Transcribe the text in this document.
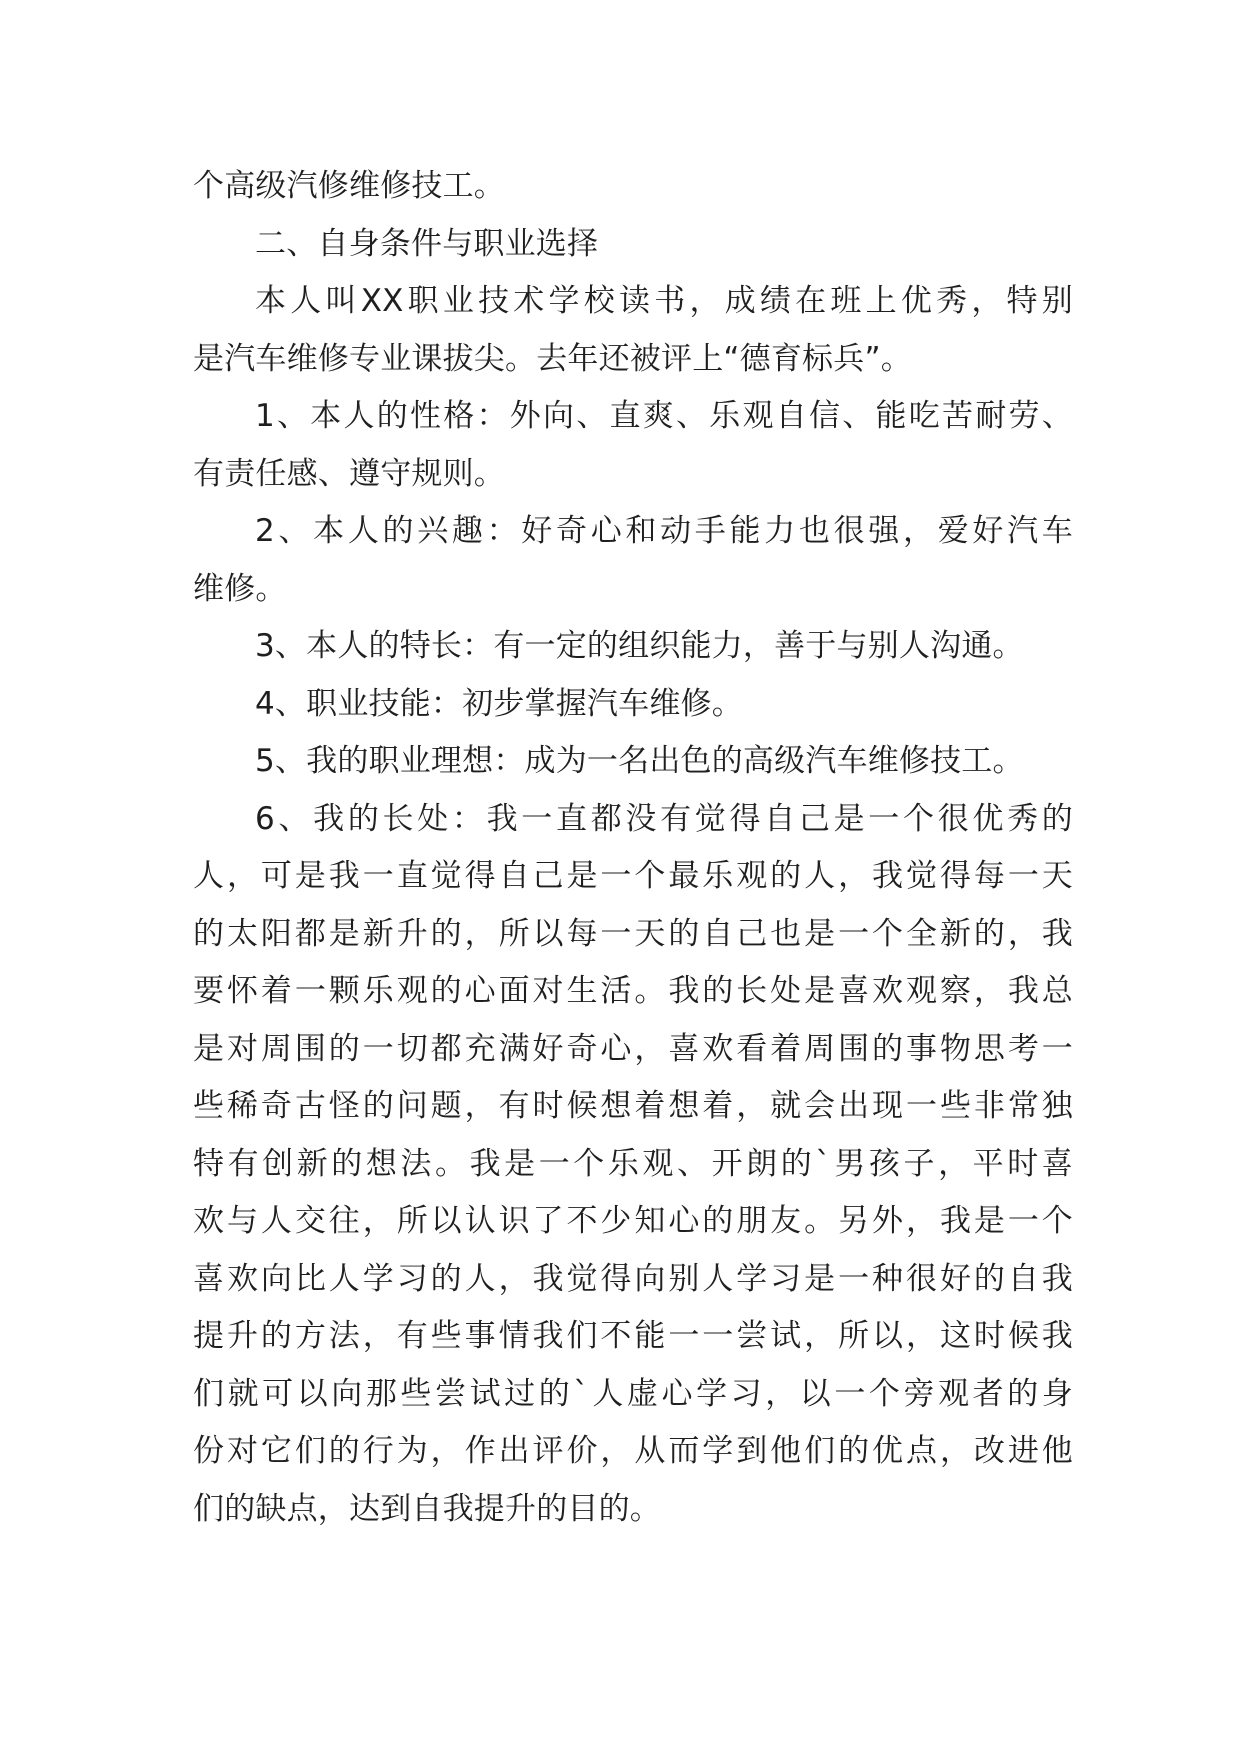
个高级汽修维修技工。

二、自身条件与职业选择

本人叫XX职业技术学校读书，成绩在班上优秀，特别
是汽车维修专业课拔尖。去年还被评上“德育标兵”。

1、本人的性格：外向、直爽、乐观自信、能吃苦耐劳、
有责任感、遵守规则。

2、本人的兴趣：好奇心和动手能力也很强，爱好汽车
维修。

3、本人的特长：有一定的组织能力，善于与别人沟通。

4、职业技能：初步掌握汽车维修。

5、我的职业理想：成为一名出色的高级汽车维修技工。

6、我的长处：我一直都没有觉得自己是一个很优秀的
人，可是我一直觉得自己是一个最乐观的人，我觉得每一天
的太阳都是新升的，所以每一天的自己也是一个全新的，我
要怀着一颗乐观的心面对生活。我的长处是喜欢观察，我总
是对周围的一切都充满好奇心，喜欢看着周围的事物思考一
些稀奇古怪的问题，有时候想着想着，就会出现一些非常独
特有创新的想法。我是一个乐观、开朗的`男孩子，平时喜
欢与人交往，所以认识了不少知心的朋友。另外，我是一个
喜欢向比人学习的人，我觉得向别人学习是一种很好的自我
提升的方法，有些事情我们不能一一尝试，所以，这时候我
们就可以向那些尝试过的`人虚心学习，以一个旁观者的身
份对它们的行为，作出评价，从而学到他们的优点，改进他
们的缺点，达到自我提升的目的。
